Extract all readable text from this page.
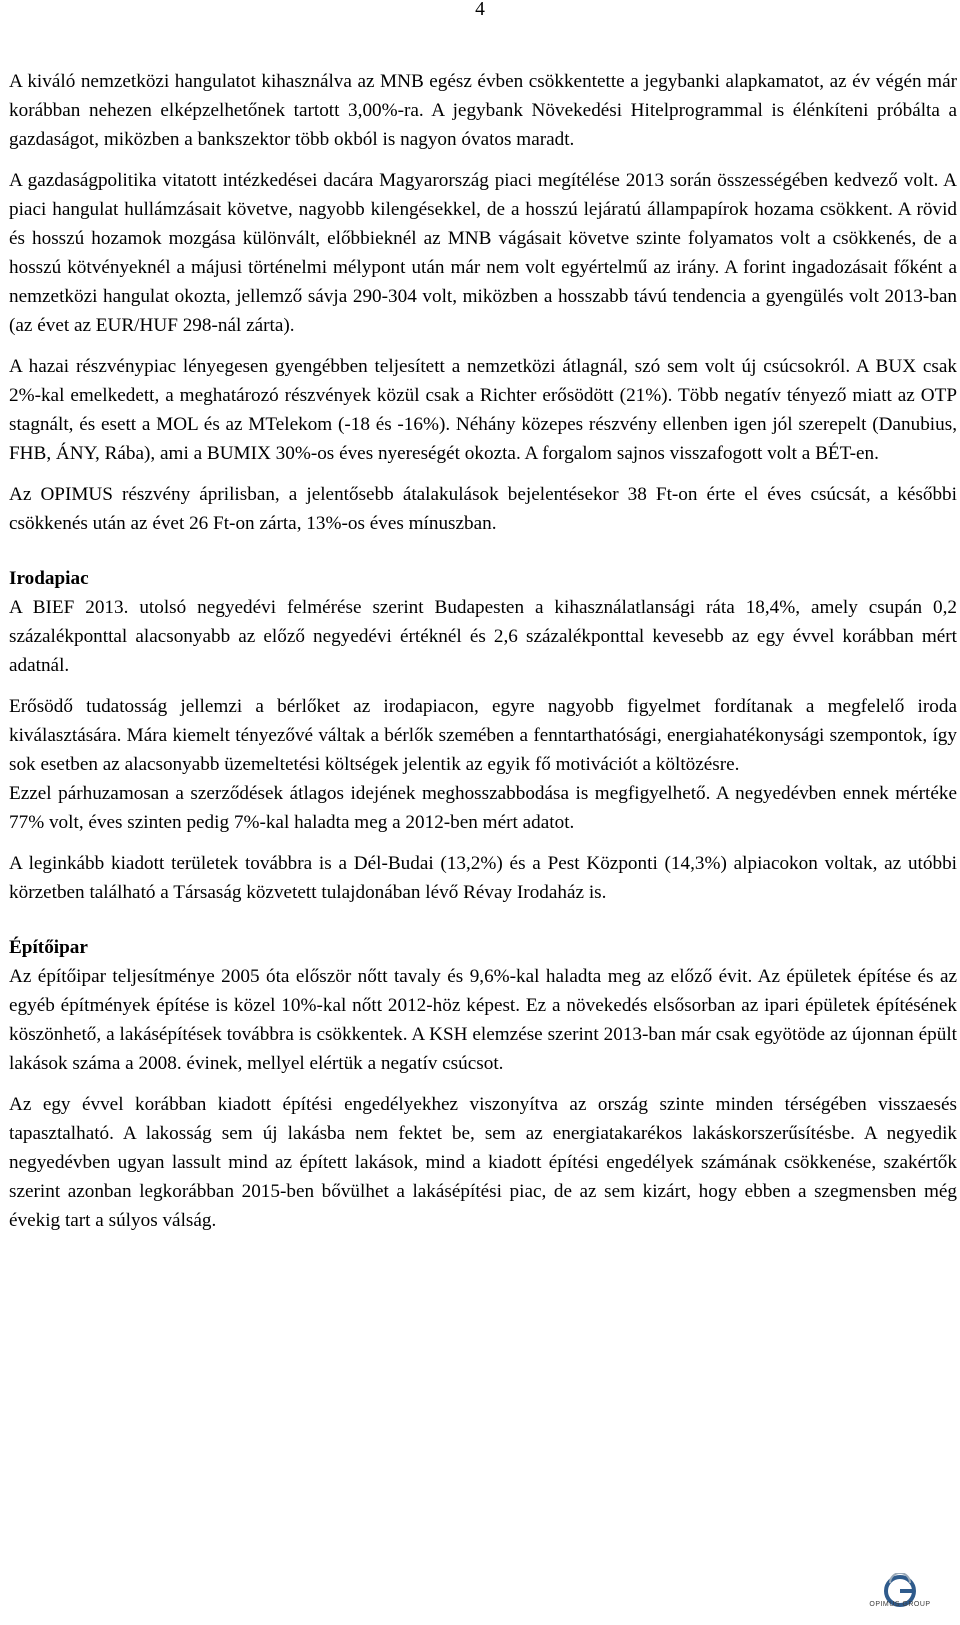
4

A kiváló nemzetközi hangulatot kihasználva az MNB egész évben csökkentette a jegybanki alapkamatot, az év végén már korábban nehezen elképzelhetőnek tartott 3,00%-ra. A jegybank Növekedési Hitelprogrammal is élénkíteni próbálta a gazdaságot, miközben a bankszektor több okból is nagyon óvatos maradt.

A gazdaságpolitika vitatott intézkedései dacára Magyarország piaci megítélése 2013 során összességében kedvező volt. A piaci hangulat hullámzásait követve, nagyobb kilengésekkel, de a hosszú lejáratú állampapírok hozama csökkent. A rövid és hosszú hozamok mozgása különvált, előbbieknél az MNB vágásait követve szinte folyamatos volt a csökkenés, de a hosszú kötvényeknél a májusi történelmi mélypont után már nem volt egyértelmű az irány. A forint ingadozásait főként a nemzetközi hangulat okozta, jellemző sávja 290-304 volt, miközben a hosszabb távú tendencia a gyengülés volt 2013-ban (az évet az EUR/HUF 298-nál zárta).

A hazai részvénypiac lényegesen gyengébben teljesített a nemzetközi átlagnál, szó sem volt új csúcsokról. A BUX csak 2%-kal emelkedett, a meghatározó részvények közül csak a Richter erősödött (21%). Több negatív tényező miatt az OTP stagnált, és esett a MOL és az MTelekom (-18 és -16%). Néhány közepes részvény ellenben igen jól szerepelt (Danubius, FHB, ÁNY, Rába), ami a BUMIX 30%-os éves nyereségét okozta. A forgalom sajnos visszafogott volt a BÉT-en.

Az OPIMUS részvény áprilisban, a jelentősebb átalakulások bejelentésekor 38 Ft-on érte el éves csúcsát, a későbbi csökkenés után az évet 26 Ft-on zárta, 13%-os éves mínuszban.

Irodapiac

A BIEF 2013. utolsó negyedévi felmérése szerint Budapesten a kihasználatlansági ráta 18,4%, amely csupán 0,2 százalékponttal alacsonyabb az előző negyedévi értéknél és 2,6 százalékponttal kevesebb az egy évvel korábban mért adatnál.

Erősödő tudatosság jellemzi a bérlőket az irodapiacon, egyre nagyobb figyelmet fordítanak a megfelelő iroda kiválasztására. Mára kiemelt tényezővé váltak a bérlők szemében a fenntarthatósági, energiahatékonysági szempontok, így sok esetben az alacsonyabb üzemeltetési költségek jelentik az egyik fő motivációt a költözésre.

Ezzel párhuzamosan a szerződések átlagos idejének meghosszabbodása is megfigyelhető. A negyedévben ennek mértéke 77% volt, éves szinten pedig 7%-kal haladta meg a 2012-ben mért adatot.

A leginkább kiadott területek továbbra is a Dél-Budai (13,2%) és a Pest Központi (14,3%) alpiacokon voltak, az utóbbi körzetben található a Társaság közvetett tulajdonában lévő Révay Irodaház is.

Építőipar

Az építőipar teljesítménye 2005 óta először nőtt tavaly és 9,6%-kal haladta meg az előző évit. Az épületek építése és az egyéb építmények építése is közel 10%-kal nőtt 2012-höz képest. Ez a növekedés elsősorban az ipari épületek építésének köszönhető, a lakásépítések továbbra is csökkentek. A KSH elemzése szerint 2013-ban már csak egyötöde az újonnan épült lakások száma a 2008. évinek, mellyel elértük a negatív csúcsot.

Az egy évvel korábban kiadott építési engedélyekhez viszonyítva az ország szinte minden térségében visszaesés tapasztalható. A lakosság sem új lakásba nem fektet be, sem az energiatakarékos lakáskorszerűsítésbe. A negyedik negyedévben ugyan lassult mind az épített lakások, mind a kiadott építési engedélyek számának csökkenése, szakértők szerint azonban legkorábban 2015-ben bővülhet a lakásépítési piac, de az sem kizárt, hogy ebben a szegmensben még évekig tart a súlyos válság.

OPIMUS GROUP
